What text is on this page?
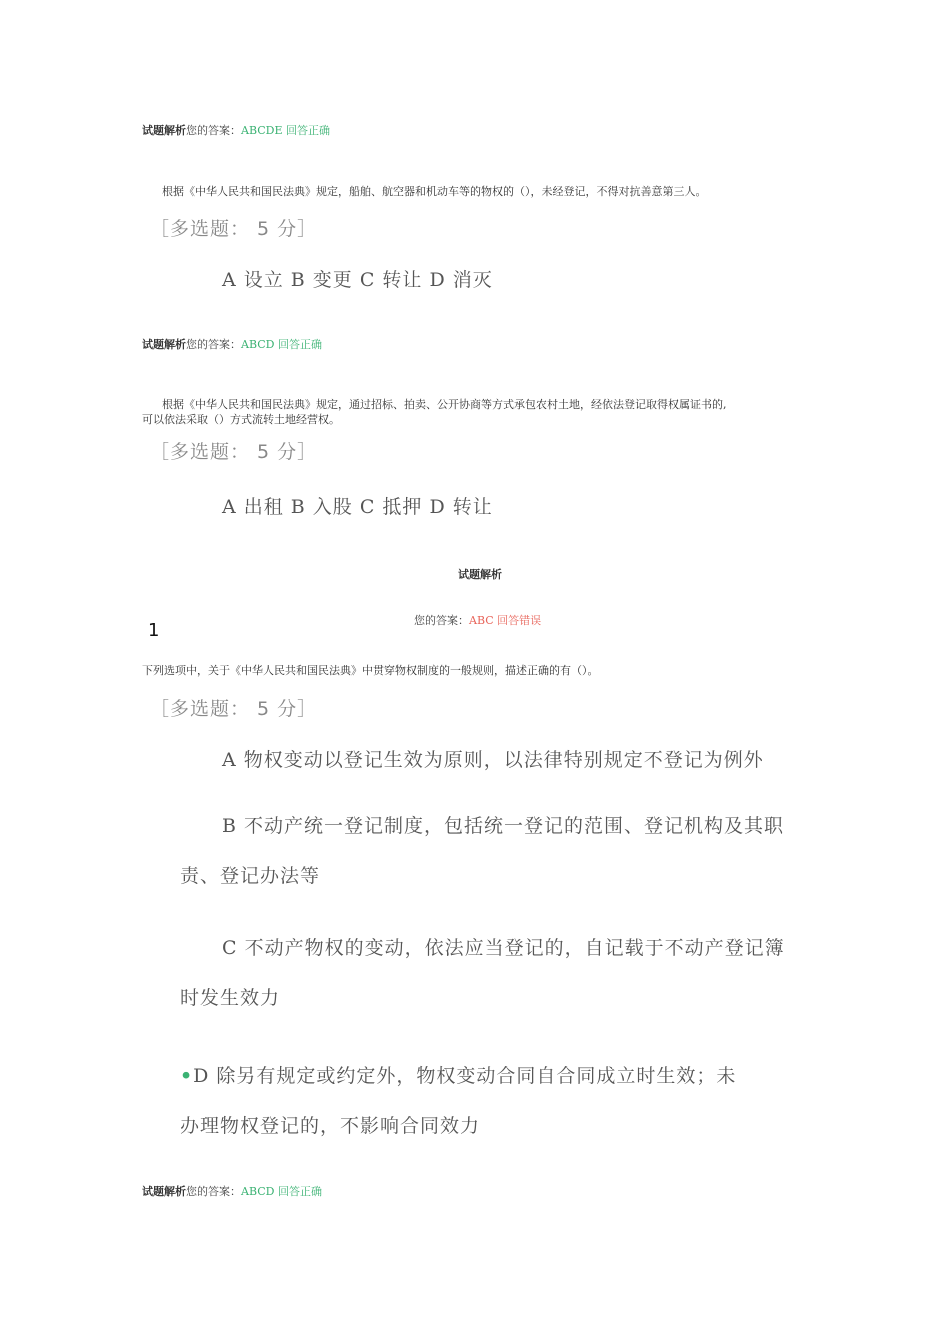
试题解析您的答案：ABCDE 回答正确
根据《中华人民共和国民法典》规定，船舶、航空器和机动车等的物权的（），未经登记，不得对抗善意第三人。
［多选题： 5 分］
A 设立 B 变更 C 转让 D 消灭
试题解析您的答案：ABCD 回答正确
根据《中华人民共和国民法典》规定，通过招标、拍卖、公开协商等方式承包农村土地，经依法登记取得权属证书的,
可以依法采取（）方式流转土地经营权。
［多选题： 5 分］
A 出租 B 入股 C 抵押 D 转让
试题解析
您的答案：ABC 回答错误
1
下列选项中，关于《中华人民共和国民法典》中贯穿物权制度的一般规则，描述正确的有（）。
［多选题： 5 分］
A 物权变动以登记生效为原则，以法律特别规定不登记为例外
B 不动产统一登记制度，包括统一登记的范围、登记机构及其职
责、登记办法等
C 不动产物权的变动，依法应当登记的，自记载于不动产登记簿
时发生效力
•D 除另有规定或约定外，物权变动合同自合同成立时生效；未
办理物权登记的，不影响合同效力
试题解析您的答案：ABCD 回答正确
